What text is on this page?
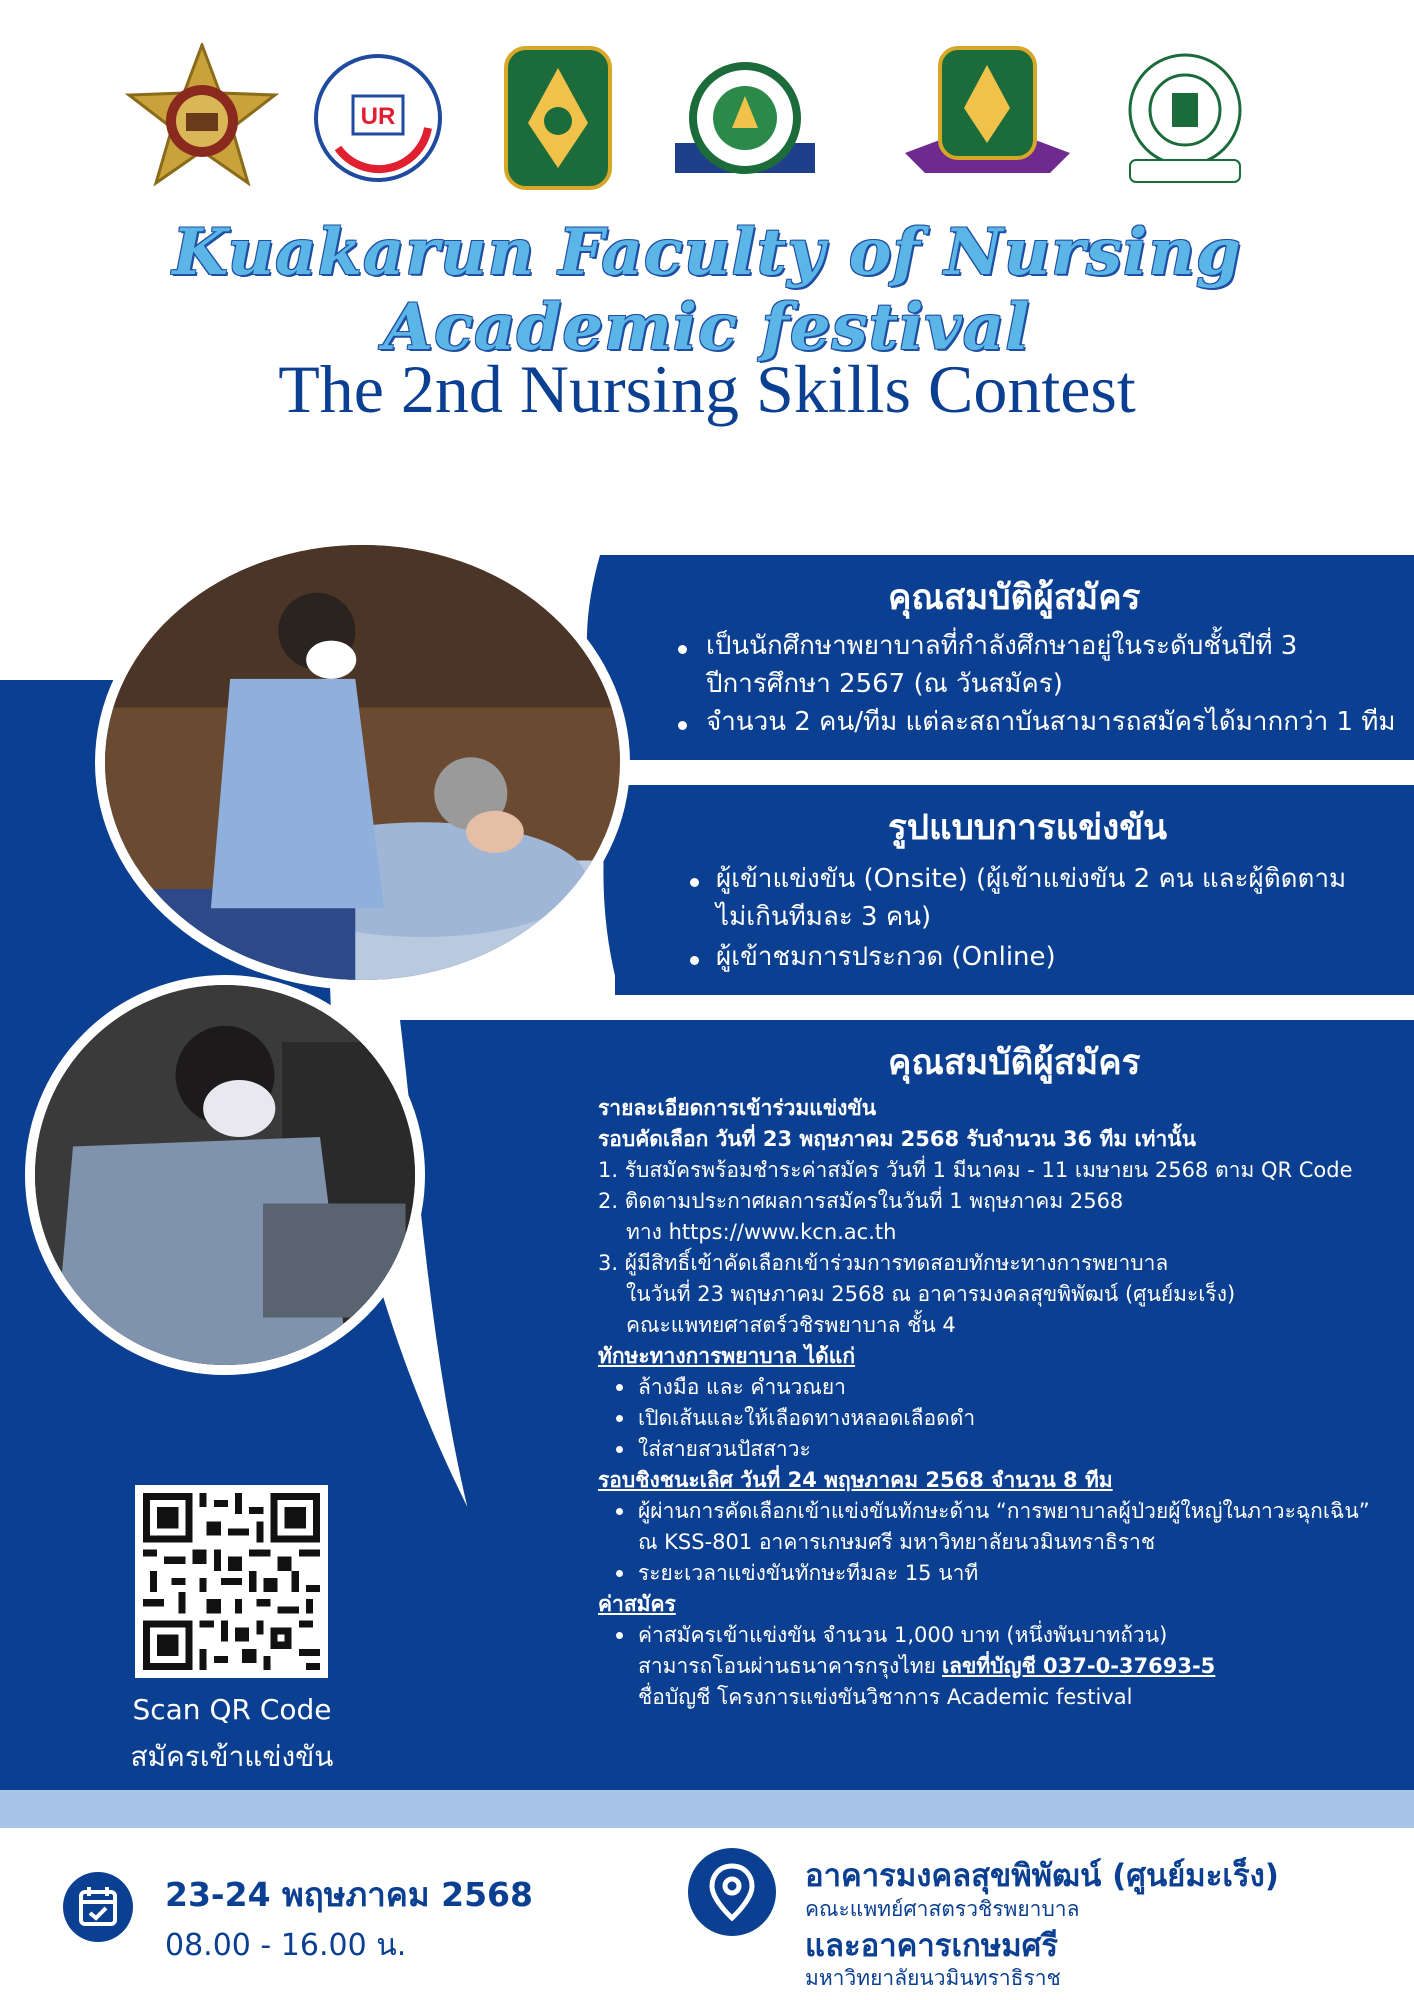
UR
Kuakarun Faculty of Nursing Academic festival
The 2nd Nursing Skills Contest
คุณสมบัติผู้สมัคร
เป็นนักศึกษาพยาบาลที่กำลังศึกษาอยู่ในระดับชั้นปีที่ 3
ปีการศึกษา 2567 (ณ วันสมัคร)
จำนวน 2 คน/ทีม แต่ละสถาบันสามารถสมัครได้มากกว่า 1 ทีม
รูปแบบการแข่งขัน
ผู้เข้าแข่งขัน (Onsite) (ผู้เข้าแข่งขัน 2 คน และผู้ติดตาม
ไม่เกินทีมละ 3 คน)
ผู้เข้าชมการประกวด (Online)
คุณสมบัติผู้สมัคร
รายละเอียดการเข้าร่วมแข่งขัน
รอบคัดเลือก วันที่ 23 พฤษภาคม 2568 รับจำนวน 36 ทีม เท่านั้น
1. รับสมัครพร้อมชำระค่าสมัคร วันที่ 1 มีนาคม - 11 เมษายน 2568 ตาม QR Code
2. ติดตามประกาศผลการสมัครในวันที่ 1 พฤษภาคม 2568
ทาง https://www.kcn.ac.th
3. ผู้มีสิทธิ์เข้าคัดเลือกเข้าร่วมการทดสอบทักษะทางการพยาบาล
ในวันที่ 23 พฤษภาคม 2568 ณ อาคารมงคลสุขพิพัฒน์ (ศูนย์มะเร็ง)
คณะแพทยศาสตร์วชิรพยาบาล ชั้น 4
ทักษะทางการพยาบาล ได้แก่
ล้างมือ และ คำนวณยา
เปิดเส้นและให้เลือดทางหลอดเลือดดำ
ใส่สายสวนปัสสาวะ
รอบชิงชนะเลิศ วันที่ 24 พฤษภาคม 2568 จำนวน 8 ทีม
ผู้ผ่านการคัดเลือกเข้าแข่งขันทักษะด้าน “การพยาบาลผู้ป่วยผู้ใหญ่ในภาวะฉุกเฉิน”
ณ KSS-801 อาคารเกษมศรี มหาวิทยาลัยนวมินทราธิราช
ระยะเวลาแข่งขันทักษะทีมละ 15 นาที
ค่าสมัคร
ค่าสมัครเข้าแข่งขัน จำนวน 1,000 บาท (หนึ่งพันบาทถ้วน)
สามารถโอนผ่านธนาคารกรุงไทย เลขที่บัญชี 037-0-37693-5
ชื่อบัญชี โครงการแข่งขันวิชาการ Academic festival
Scan QR Code
สมัครเข้าแข่งขัน
23-24 พฤษภาคม 2568
08.00 - 16.00 น.
อาคารมงคลสุขพิพัฒน์ (ศูนย์มะเร็ง)
คณะแพทย์ศาสตรวชิรพยาบาล
และอาคารเกษมศรี
มหาวิทยาลัยนวมินทราธิราช
